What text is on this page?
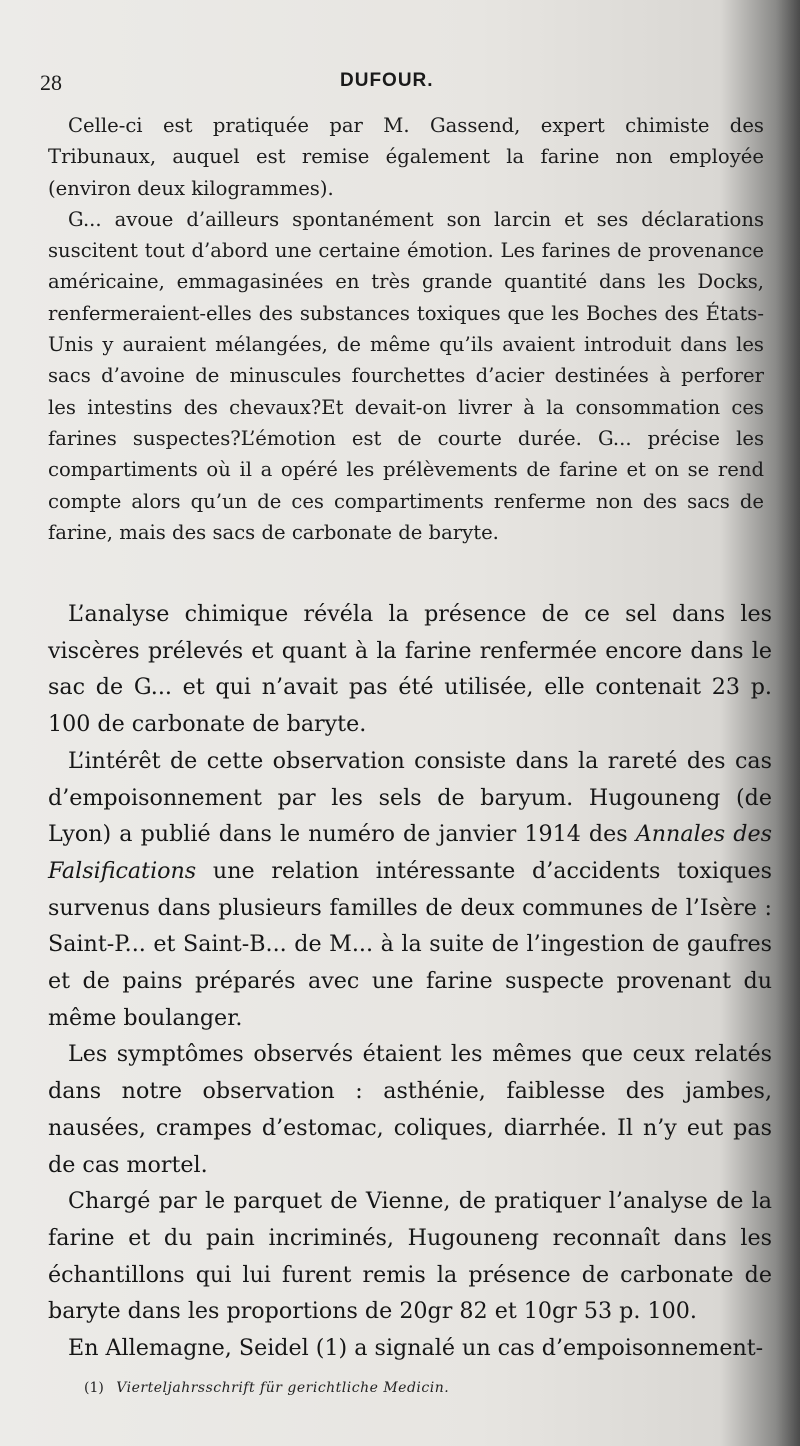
28	DUFOUR.

Celle-ci est pratiquée par M. Gassend, expert chimiste des Tribunaux, auquel est remise également la farine non employée (environ deux kilogrammes).

G... avoue d’ailleurs spontanément son larcin et ses déclarations suscitent tout d’abord une certaine émotion. Les farines de provenance américaine, emmagasinées en très grande quantité dans les Docks, renfermeraient-elles des substances toxiques que les Boches des États-Unis y auraient mélangées, de même qu’ils avaient introduit dans les sacs d’avoine de minuscules fourchettes d’acier destinées à perforer les intestins des chevaux?Et devait-on livrer à la consommation ces farines suspectes?L’émotion est de courte durée. G... précise les compartiments où il a opéré les prélèvements de farine et on se rend compte alors qu’un de ces compartiments renferme non des sacs de farine, mais des sacs de carbonate de baryte.

L’analyse chimique révéla la présence de ce sel dans les viscères prélevés et quant à la farine renfermée encore dans le sac de G... et qui n’avait pas été utilisée, elle contenait 23 p. 100 de carbonate de baryte.

L’intérêt de cette observation consiste dans la rareté des cas d’empoisonnement par les sels de baryum. Hugouneng (de Lyon) a publié dans le numéro de janvier 1914 des Annales des Falsifications une relation intéressante d’accidents toxiques survenus dans plusieurs familles de deux communes de l’Isère : Saint-P... et Saint-B... de M... à la suite de l’ingestion de gaufres et de pains préparés avec une farine suspecte provenant du même boulanger.

Les symptômes observés étaient les mêmes que ceux relatés dans notre observation : asthénie, faiblesse des jambes, nausées, crampes d’estomac, coliques, diarrhée. Il n’y eut pas de cas mortel.

Chargé par le parquet de Vienne, de pratiquer l’analyse de la farine et du pain incriminés, Hugouneng reconnaît dans les échantillons qui lui furent remis la présence de carbonate de baryte dans les proportions de 20gr 82 et 10gr 53 p. 100.

En Allemagne, Seidel (1) a signalé un cas d’empoisonnement-

(1) Vierteljahrsschrift für gerichtliche Medicin.
